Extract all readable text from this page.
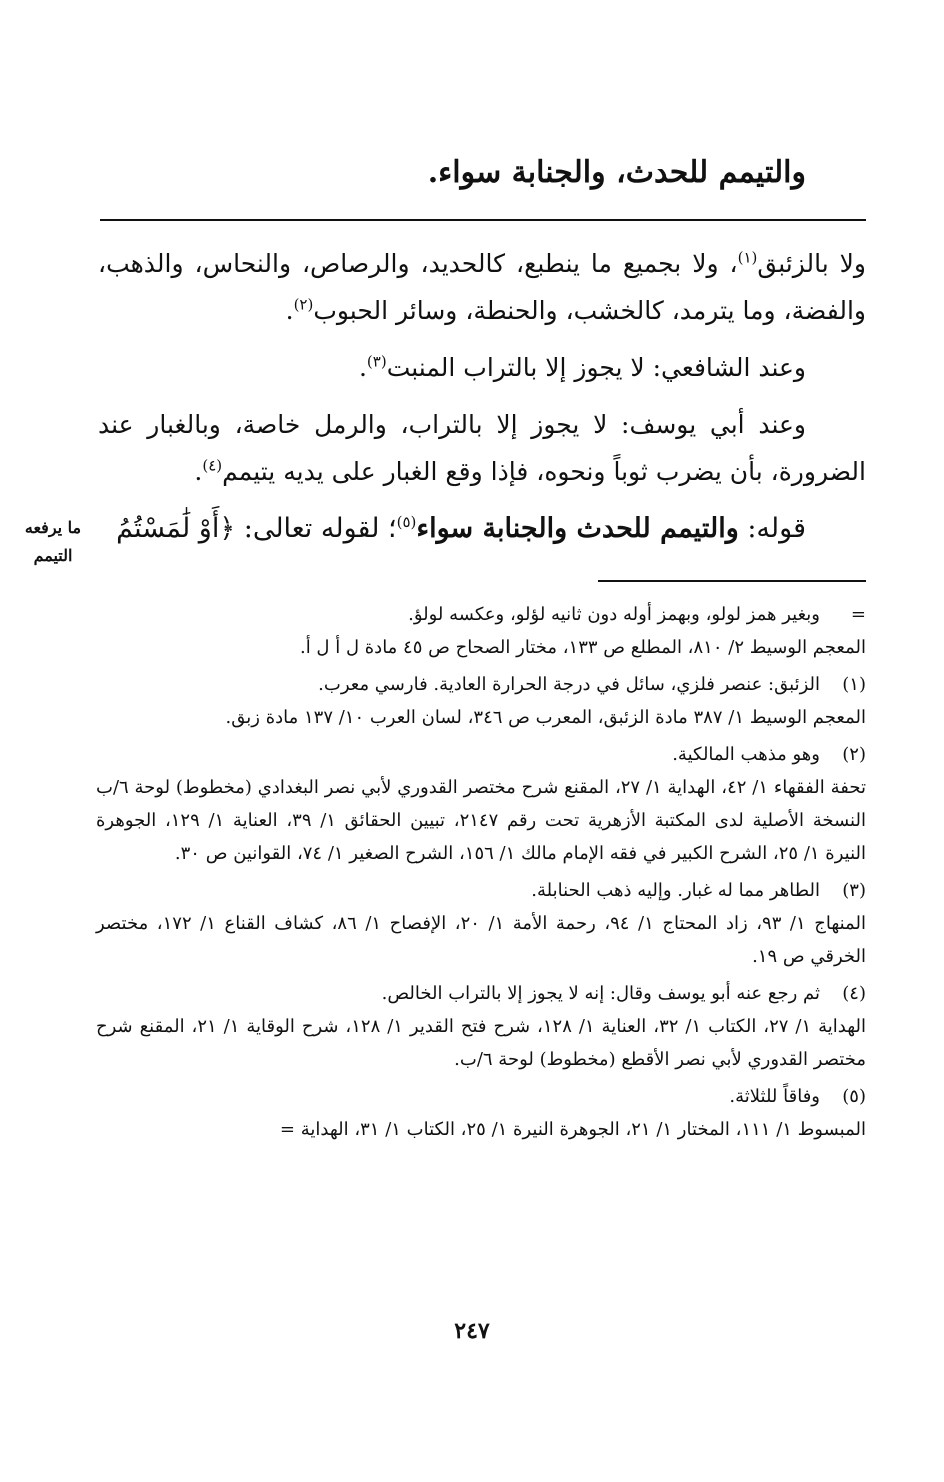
والتيمم للحدث، والجنابة سواء.

ولا بالزئبق$^{(١)}$، ولا بجميع ما ينطبع، كالحديد، والرصاص، والنحاس، والذهب، والفضة، وما يترمد، كالخشب، والحنطة، وسائر الحبوب$^{(٢)}$.

وعند الشافعي: لا يجوز إلا بالتراب المنبت$^{(٣)}$.

وعند أبي يوسف: لا يجوز إلا بالتراب، والرمل خاصة، وبالغبار عند الضرورة، بأن يضرب ثوباً ونحوه، فإذا وقع الغبار على يديه يتيمم$^{(٤)}$.

قوله: والتيمم للحدث والجنابة سواء$^{(٥)}$؛ لقوله تعالى: ﴿أَوْ لَٰمَسْتُمُ

ما يرفعه
التيمم
=
وبغير همز لولو، وبهمز أوله دون ثانيه لؤلو، وعكسه لولؤ.
المعجم الوسيط ٢/ ٨١٠، المطلع ص ١٣٣، مختار الصحاح ص ٤٥ مادة ل أ ل أ.
(١)
الزئبق: عنصر فلزي، سائل في درجة الحرارة العادية. فارسي معرب.
المعجم الوسيط ١/ ٣٨٧ مادة الزئبق، المعرب ص ٣٤٦، لسان العرب ١٠/ ١٣٧ مادة زبق.
(٢)
وهو مذهب المالكية.
تحفة الفقهاء ١/ ٤٢، الهداية ١/ ٢٧، المقنع شرح مختصر القدوري لأبي نصر البغدادي (مخطوط) لوحة ٦/ب النسخة الأصلية لدى المكتبة الأزهرية تحت رقم ٢١٤٧، تبيين الحقائق ١/ ٣٩، العناية ١/ ١٢٩، الجوهرة النيرة ١/ ٢٥، الشرح الكبير في فقه الإمام مالك ١/ ١٥٦، الشرح الصغير ١/ ٧٤، القوانين ص ٣٠.
(٣)
الطاهر مما له غبار. وإليه ذهب الحنابلة.
المنهاج ١/ ٩٣، زاد المحتاج ١/ ٩٤، رحمة الأمة ١/ ٢٠، الإفصاح ١/ ٨٦، كشاف القناع ١/ ١٧٢، مختصر الخرقي ص ١٩.
(٤)
ثم رجع عنه أبو يوسف وقال: إنه لا يجوز إلا بالتراب الخالص.
الهداية ١/ ٢٧، الكتاب ١/ ٣٢، العناية ١/ ١٢٨، شرح فتح القدير ١/ ١٢٨، شرح الوقاية ١/ ٢١، المقنع شرح مختصر القدوري لأبي نصر الأقطع (مخطوط) لوحة ٦/ب.
(٥)
وفاقاً للثلاثة.
المبسوط ١/ ١١١، المختار ١/ ٢١، الجوهرة النيرة ١/ ٢٥، الكتاب ١/ ٣١، الهداية =
٢٤٧
